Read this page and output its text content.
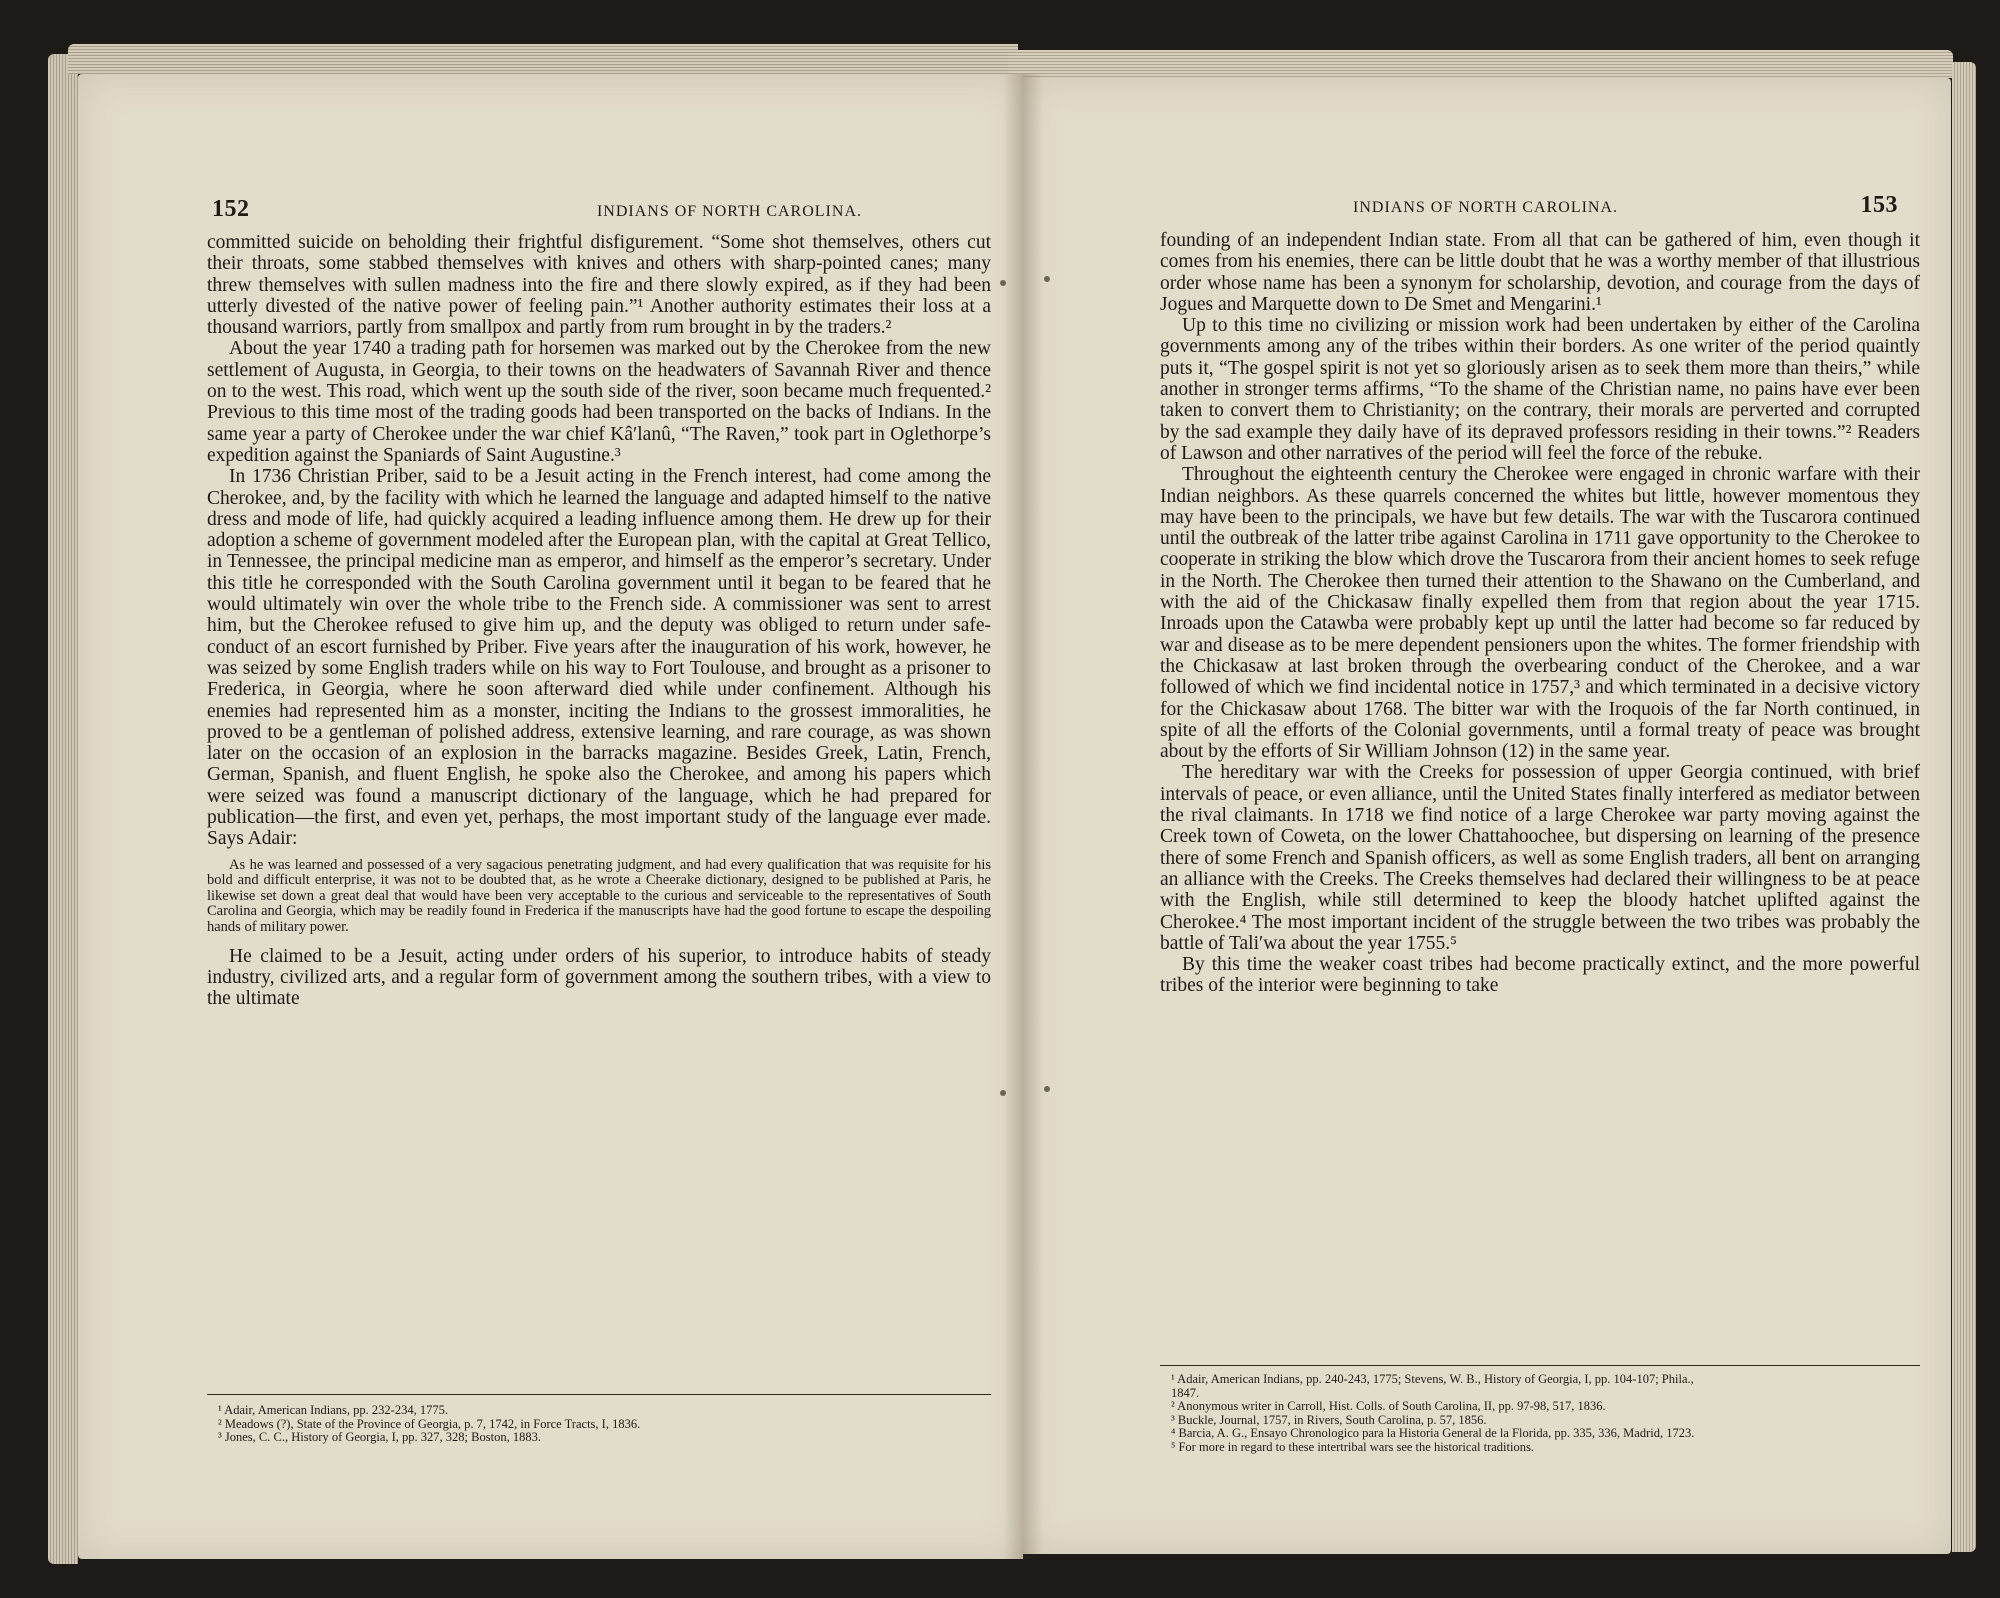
152	INDIANS OF NORTH CAROLINA.

committed suicide on beholding their frightful disfigurement. “Some shot themselves, others cut their throats, some stabbed themselves with knives and others with sharp-pointed canes; many threw themselves with sullen madness into the fire and there slowly expired, as if they had been utterly divested of the native power of feeling pain.”¹ Another authority estimates their loss at a thousand warriors, partly from smallpox and partly from rum brought in by the traders.²

About the year 1740 a trading path for horsemen was marked out by the Cherokee from the new settlement of Augusta, in Georgia, to their towns on the headwaters of Savannah River and thence on to the west. This road, which went up the south side of the river, soon became much frequented.² Previous to this time most of the trading goods had been transported on the backs of Indians. In the same year a party of Cherokee under the war chief Kâ′lanû, “The Raven,” took part in Oglethorpe’s expedition against the Spaniards of Saint Augustine.³

In 1736 Christian Priber, said to be a Jesuit acting in the French interest, had come among the Cherokee, and, by the facility with which he learned the language and adapted himself to the native dress and mode of life, had quickly acquired a leading influence among them. He drew up for their adoption a scheme of government modeled after the European plan, with the capital at Great Tellico, in Tennessee, the principal medicine man as emperor, and himself as the emperor’s secretary. Under this title he corresponded with the South Carolina government until it began to be feared that he would ultimately win over the whole tribe to the French side. A commissioner was sent to arrest him, but the Cherokee refused to give him up, and the deputy was obliged to return under safe-conduct of an escort furnished by Priber. Five years after the inauguration of his work, however, he was seized by some English traders while on his way to Fort Toulouse, and brought as a prisoner to Frederica, in Georgia, where he soon afterward died while under confinement. Although his enemies had represented him as a monster, inciting the Indians to the grossest immoralities, he proved to be a gentleman of polished address, extensive learning, and rare courage, as was shown later on the occasion of an explosion in the barracks magazine. Besides Greek, Latin, French, German, Spanish, and fluent English, he spoke also the Cherokee, and among his papers which were seized was found a manuscript dictionary of the language, which he had prepared for publication—the first, and even yet, perhaps, the most important study of the language ever made. Says Adair:

As he was learned and possessed of a very sagacious penetrating judgment, and had every qualification that was requisite for his bold and difficult enterprise, it was not to be doubted that, as he wrote a Cheerake dictionary, designed to be published at Paris, he likewise set down a great deal that would have been very acceptable to the curious and serviceable to the representatives of South Carolina and Georgia, which may be readily found in Frederica if the manuscripts have had the good fortune to escape the despoiling hands of military power.

He claimed to be a Jesuit, acting under orders of his superior, to introduce habits of steady industry, civilized arts, and a regular form of government among the southern tribes, with a view to the ultimate

¹ Adair, American Indians, pp. 232-234, 1775.
² Meadows (?), State of the Province of Georgia, p. 7, 1742, in Force Tracts, I, 1836.
³ Jones, C. C., History of Georgia, I, pp. 327, 328; Boston, 1883.
INDIANS OF NORTH CAROLINA.	153

founding of an independent Indian state. From all that can be gathered of him, even though it comes from his enemies, there can be little doubt that he was a worthy member of that illustrious order whose name has been a synonym for scholarship, devotion, and courage from the days of Jogues and Marquette down to De Smet and Mengarini.¹

Up to this time no civilizing or mission work had been undertaken by either of the Carolina governments among any of the tribes within their borders. As one writer of the period quaintly puts it, “The gospel spirit is not yet so gloriously arisen as to seek them more than theirs,” while another in stronger terms affirms, “To the shame of the Christian name, no pains have ever been taken to convert them to Christianity; on the contrary, their morals are perverted and corrupted by the sad example they daily have of its depraved professors residing in their towns.”² Readers of Lawson and other narratives of the period will feel the force of the rebuke.

Throughout the eighteenth century the Cherokee were engaged in chronic warfare with their Indian neighbors. As these quarrels concerned the whites but little, however momentous they may have been to the principals, we have but few details. The war with the Tuscarora continued until the outbreak of the latter tribe against Carolina in 1711 gave opportunity to the Cherokee to cooperate in striking the blow which drove the Tuscarora from their ancient homes to seek refuge in the North. The Cherokee then turned their attention to the Shawano on the Cumberland, and with the aid of the Chickasaw finally expelled them from that region about the year 1715. Inroads upon the Catawba were probably kept up until the latter had become so far reduced by war and disease as to be mere dependent pensioners upon the whites. The former friendship with the Chickasaw at last broken through the overbearing conduct of the Cherokee, and a war followed of which we find incidental notice in 1757,³ and which terminated in a decisive victory for the Chickasaw about 1768. The bitter war with the Iroquois of the far North continued, in spite of all the efforts of the Colonial governments, until a formal treaty of peace was brought about by the efforts of Sir William Johnson (12) in the same year.

The hereditary war with the Creeks for possession of upper Georgia continued, with brief intervals of peace, or even alliance, until the United States finally interfered as mediator between the rival claimants. In 1718 we find notice of a large Cherokee war party moving against the Creek town of Coweta, on the lower Chattahoochee, but dispersing on learning of the presence there of some French and Spanish officers, as well as some English traders, all bent on arranging an alliance with the Creeks. The Creeks themselves had declared their willingness to be at peace with the English, while still determined to keep the bloody hatchet uplifted against the Cherokee.⁴ The most important incident of the struggle between the two tribes was probably the battle of Tali′wa about the year 1755.⁵

By this time the weaker coast tribes had become practically extinct, and the more powerful tribes of the interior were beginning to take

¹ Adair, American Indians, pp. 240-243, 1775; Stevens, W. B., History of Georgia, I, pp. 104-107; Phila.,
1847.
² Anonymous writer in Carroll, Hist. Colls. of South Carolina, II, pp. 97-98, 517, 1836.
³ Buckle, Journal, 1757, in Rivers, South Carolina, p. 57, 1856.
⁴ Barcia, A. G., Ensayo Chronologico para la Historia General de la Florida, pp. 335, 336, Madrid, 1723.
⁵ For more in regard to these intertribal wars see the historical traditions.
